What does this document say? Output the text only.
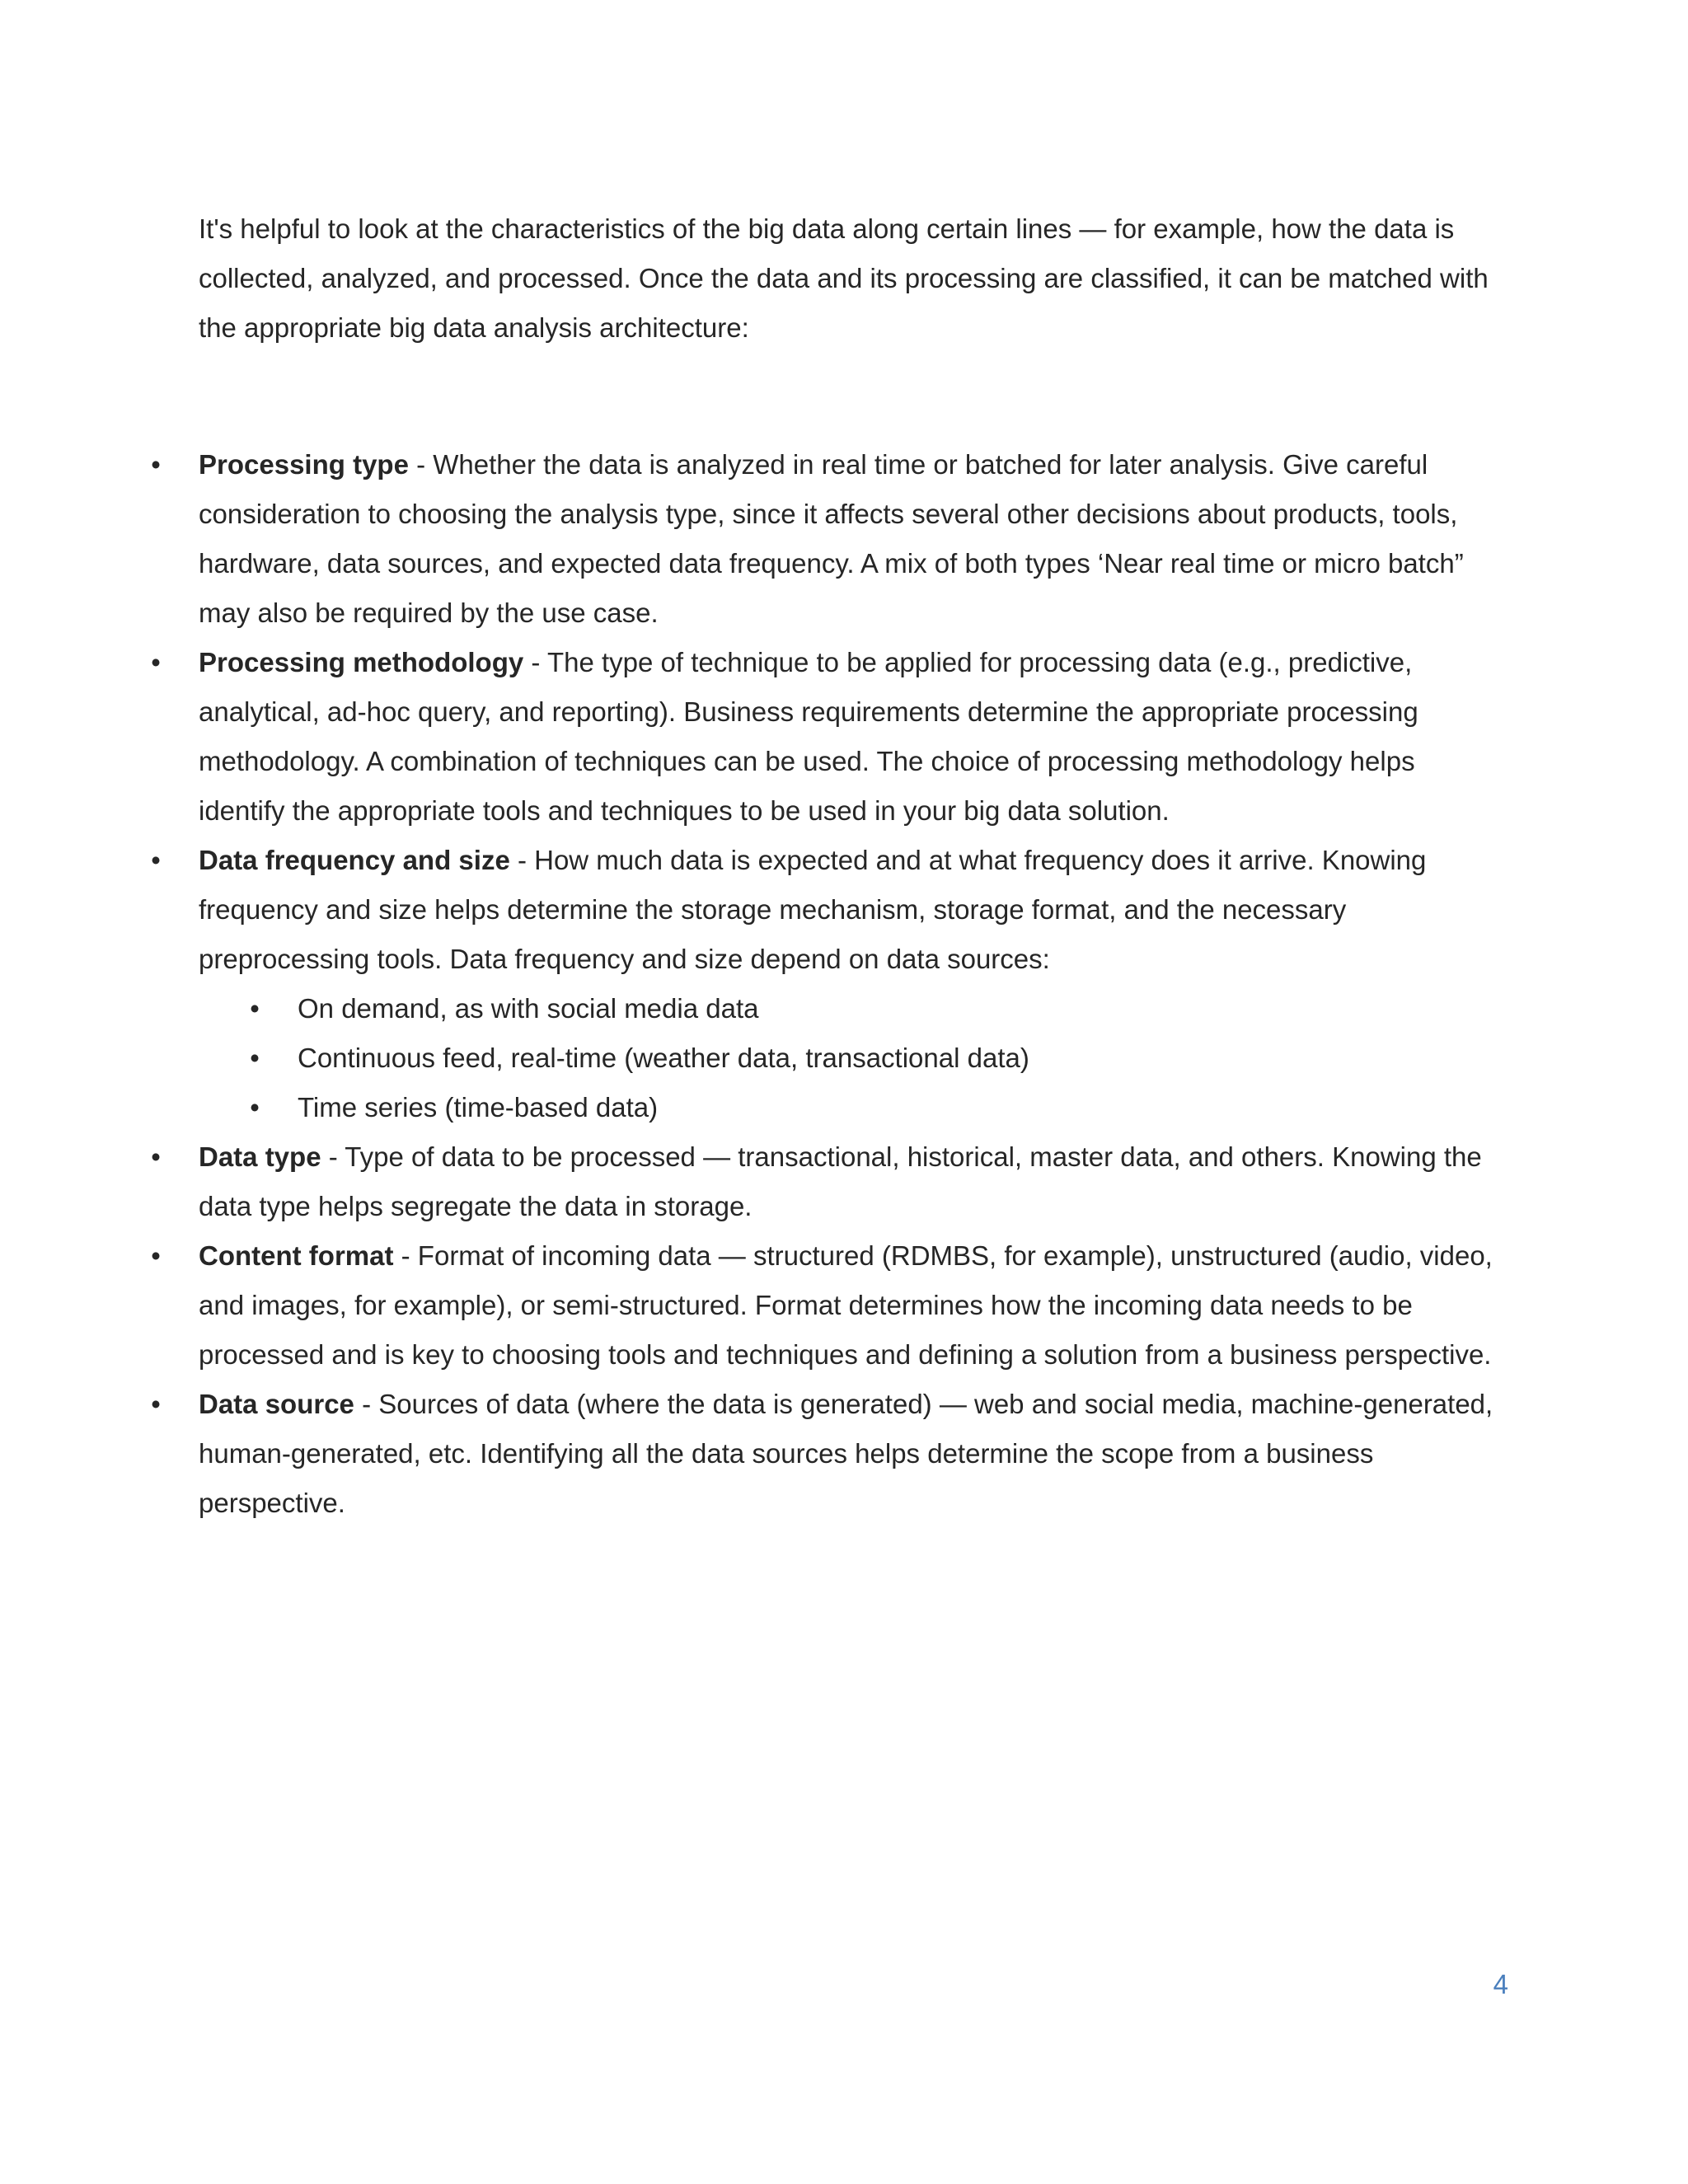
It's helpful to look at the characteristics of the big data along certain lines — for example, how the data is collected, analyzed, and processed. Once the data and its processing are classified, it can be matched with the appropriate big data analysis architecture:

• Processing type - Whether the data is analyzed in real time or batched for later analysis. Give careful consideration to choosing the analysis type, since it affects several other decisions about products, tools, hardware, data sources, and expected data frequency. A mix of both types ‘Near real time or micro batch” may also be required by the use case.
• Processing methodology - The type of technique to be applied for processing data (e.g., predictive, analytical, ad-hoc query, and reporting). Business requirements determine the appropriate processing methodology. A combination of techniques can be used. The choice of processing methodology helps identify the appropriate tools and techniques to be used in your big data solution.
• Data frequency and size - How much data is expected and at what frequency does it arrive. Knowing frequency and size helps determine the storage mechanism, storage format, and the necessary preprocessing tools. Data frequency and size depend on data sources:
• On demand, as with social media data
• Continuous feed, real-time (weather data, transactional data)
• Time series (time-based data)
• Data type - Type of data to be processed — transactional, historical, master data, and others. Knowing the data type helps segregate the data in storage.
• Content format - Format of incoming data — structured (RDMBS, for example), unstructured (audio, video, and images, for example), or semi-structured. Format determines how the incoming data needs to be processed and is key to choosing tools and techniques and defining a solution from a business perspective.
• Data source - Sources of data (where the data is generated) — web and social media, machine-generated, human-generated, etc. Identifying all the data sources helps determine the scope from a business perspective.
4
